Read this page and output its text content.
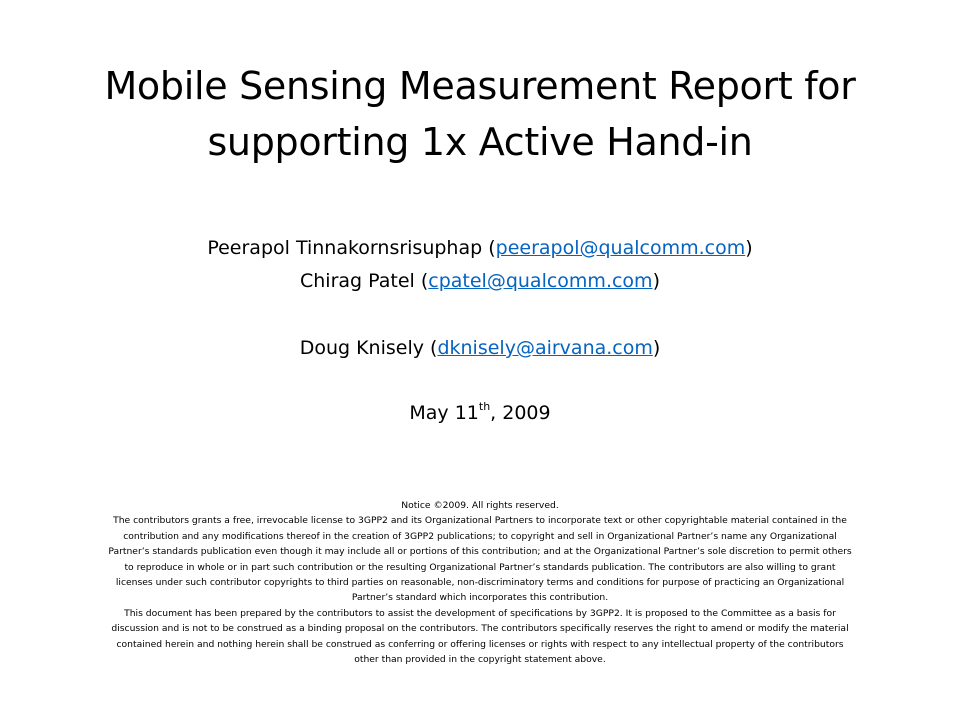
Mobile Sensing Measurement Report for
supporting 1x Active Hand-in
Peerapol Tinnakornsrisuphap (peerapol@qualcomm.com)
Chirag Patel (cpatel@qualcomm.com)
Doug Knisely (dknisely@airvana.com)
May 11th, 2009

Notice ©2009. All rights reserved.

The contributors grants a free, irrevocable license to 3GPP2 and its Organizational Partners to incorporate text or other copyrightable material contained in the contribution and any modifications thereof in the creation of 3GPP2 publications; to copyright and sell in Organizational Partner’s name any Organizational Partner’s standards publication even though it may include all or portions of this contribution; and at the Organizational Partner’s sole discretion to permit others to reproduce in whole or in part such contribution or the resulting Organizational Partner’s standards publication. The contributors are also willing to grant licenses under such contributor copyrights to third parties on reasonable, non-discriminatory terms and conditions for purpose of practicing an Organizational Partner’s standard which incorporates this contribution.

This document has been prepared by the contributors to assist the development of specifications by 3GPP2. It is proposed to the Committee as a basis for discussion and is not to be construed as a binding proposal on the contributors. The contributors specifically reserves the right to amend or modify the material contained herein and nothing herein shall be construed as conferring or offering licenses or rights with respect to any intellectual property of the contributors other than provided in the copyright statement above.
